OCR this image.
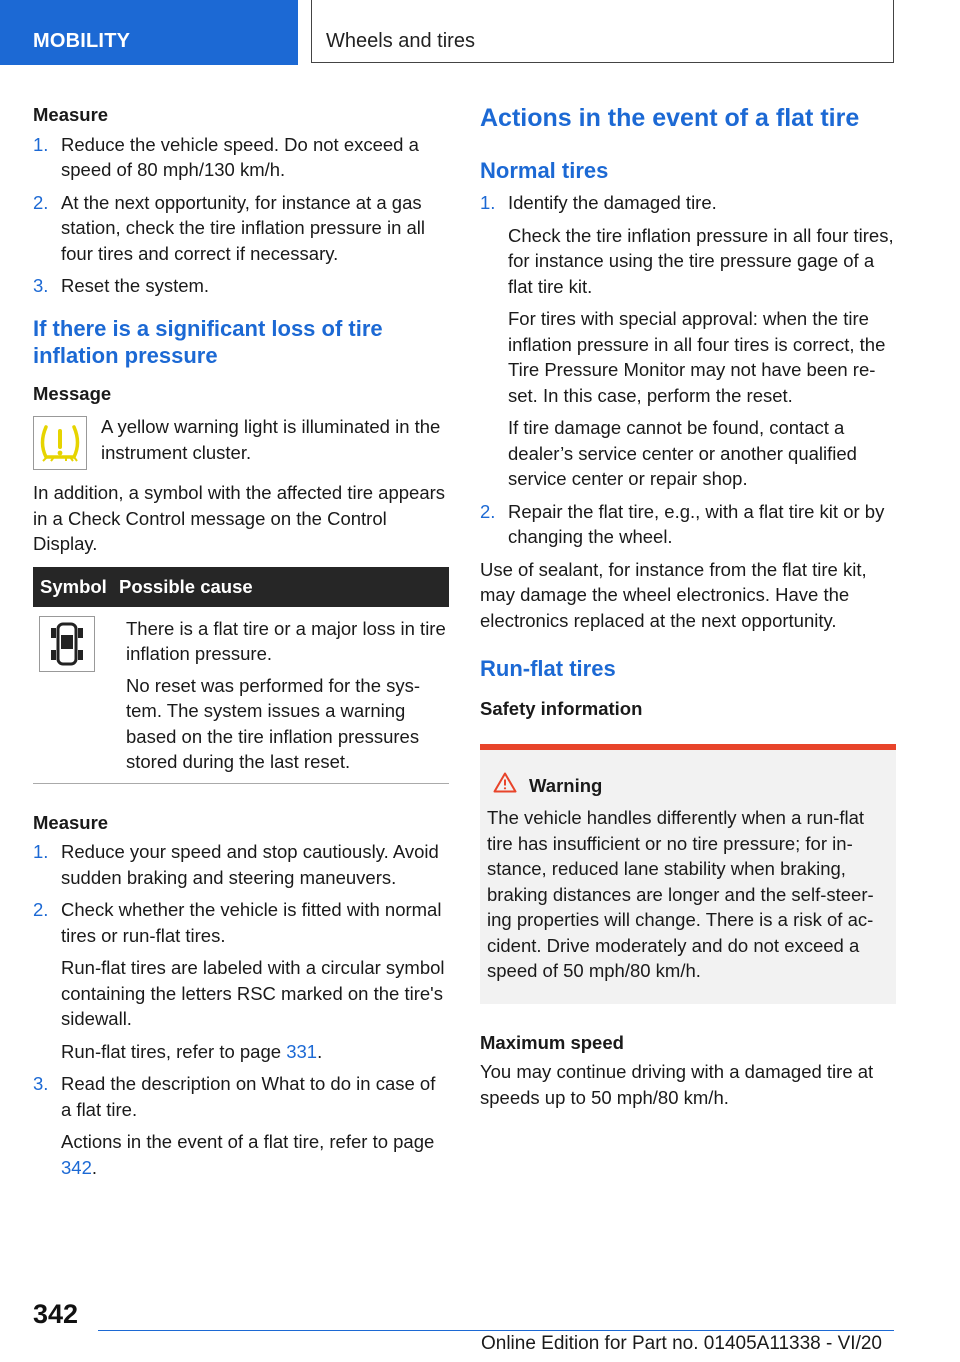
MOBILITY	Wheels and tires

Measure

1. Reduce the vehicle speed. Do not exceed a speed of 80 mph/130 km/h.
2. At the next opportunity, for instance at a gas station, check the tire inflation pressure in all four tires and correct if necessary.
3. Reset the system.
If there is a significant loss of tire inflation pressure

Message

A yellow warning light is illuminated in the instrument cluster.

In addition, a symbol with the affected tire appears in a Check Control message on the Control Display.

Symbol Possible cause

There is a flat tire or a major loss in tire inflation pressure.

No reset was performed for the system. The system issues a warning based on the tire inflation pressures stored during the last reset.

Measure

1. Reduce your speed and stop cautiously. Avoid sudden braking and steering maneuvers.
2. Check whether the vehicle is fitted with normal tires or run-flat tires.

Run-flat tires are labeled with a circular symbol containing the letters RSC marked on the tire's sidewall.

Run-flat tires, refer to page 331.

3. Read the description on What to do in case of a flat tire.

Actions in the event of a flat tire, refer to page 342.

Actions in the event of a flat tire
Normal tires
1. Identify the damaged tire.

Check the tire inflation pressure in all four tires, for instance using the tire pressure gage of a flat tire kit.

For tires with special approval: when the tire inflation pressure in all four tires is correct, the Tire Pressure Monitor may not have been reset. In this case, perform the reset.

If tire damage cannot be found, contact a dealer’s service center or another qualified service center or repair shop.

2. Repair the flat tire, e.g., with a flat tire kit or by changing the wheel.

Use of sealant, for instance from the flat tire kit, may damage the wheel electronics. Have the electronics replaced at the next opportunity.

Run-flat tires

Safety information

Warning

The vehicle handles differently when a run-flat tire has insufficient or no tire pressure; for instance, reduced lane stability when braking, braking distances are longer and the self-steering properties will change. There is a risk of accident. Drive moderately and do not exceed a speed of 50 mph/80 km/h.

Maximum speed

You may continue driving with a damaged tire at speeds up to 50 mph/80 km/h.

342
Online Edition for Part no. 01405A11338 - VI/20
